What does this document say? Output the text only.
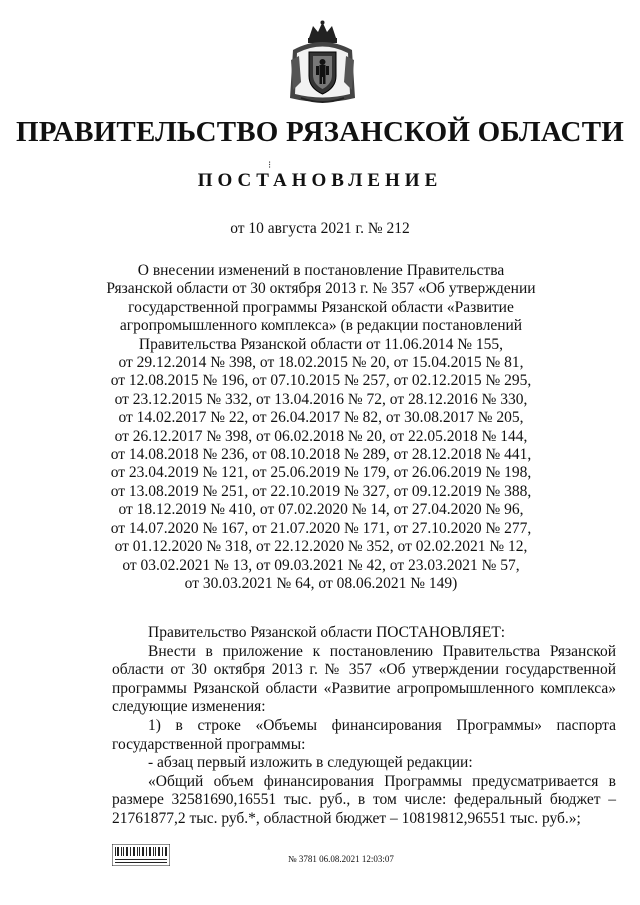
ПРАВИТЕЛЬСТВО РЯЗАНСКОЙ ОБЛАСТИ
⁝
ПОСТАНОВЛЕНИЕ
от 10 августа 2021 г. № 212
О внесении изменений в постановление Правительства
Рязанской области от 30 октября 2013 г. № 357 «Об утверждении
государственной программы Рязанской области «Развитие
агропромышленного комплекса» (в редакции постановлений
Правительства Рязанской области от 11.06.2014 № 155,
от 29.12.2014 № 398, от 18.02.2015 № 20, от 15.04.2015 № 81,
от 12.08.2015 № 196, от 07.10.2015 № 257, от 02.12.2015 № 295,
от 23.12.2015 № 332, от 13.04.2016 № 72, от 28.12.2016 № 330,
от 14.02.2017 № 22, от 26.04.2017 № 82, от 30.08.2017 № 205,
от 26.12.2017 № 398, от 06.02.2018 № 20, от 22.05.2018 № 144,
от 14.08.2018 № 236, от 08.10.2018 № 289, от 28.12.2018 № 441,
от 23.04.2019 № 121, от 25.06.2019 № 179, от 26.06.2019 № 198,
от 13.08.2019 № 251, от 22.10.2019 № 327, от 09.12.2019 № 388,
от 18.12.2019 № 410, от 07.02.2020 № 14, от 27.04.2020 № 96,
от 14.07.2020 № 167, от 21.07.2020 № 171, от 27.10.2020 № 277,
от 01.12.2020 № 318, от 22.12.2020 № 352, от 02.02.2021 № 12,
от 03.02.2021 № 13, от 09.03.2021 № 42, от 23.03.2021 № 57,
от 30.03.2021 № 64, от 08.06.2021 № 149)

Правительство Рязанской области ПОСТАНОВЛЯЕТ:

Внести в приложение к постановлению Правительства Рязанской области от 30 октября 2013 г. № 357 «Об утверждении государственной программы Рязанской области «Развитие агропромышленного комплекса» следующие изменения:

1) в строке «Объемы финансирования Программы» паспорта государственной программы:

- абзац первый изложить в следующей редакции:

«Общий объем финансирования Программы предусматривается в размере 32581690,16551 тыс. руб., в том числе: федеральный бюджет – 21761877,2 тыс. руб.*, областной бюджет – 10819812,96551 тыс. руб.»;

№ 3781 06.08.2021 12:03:07
